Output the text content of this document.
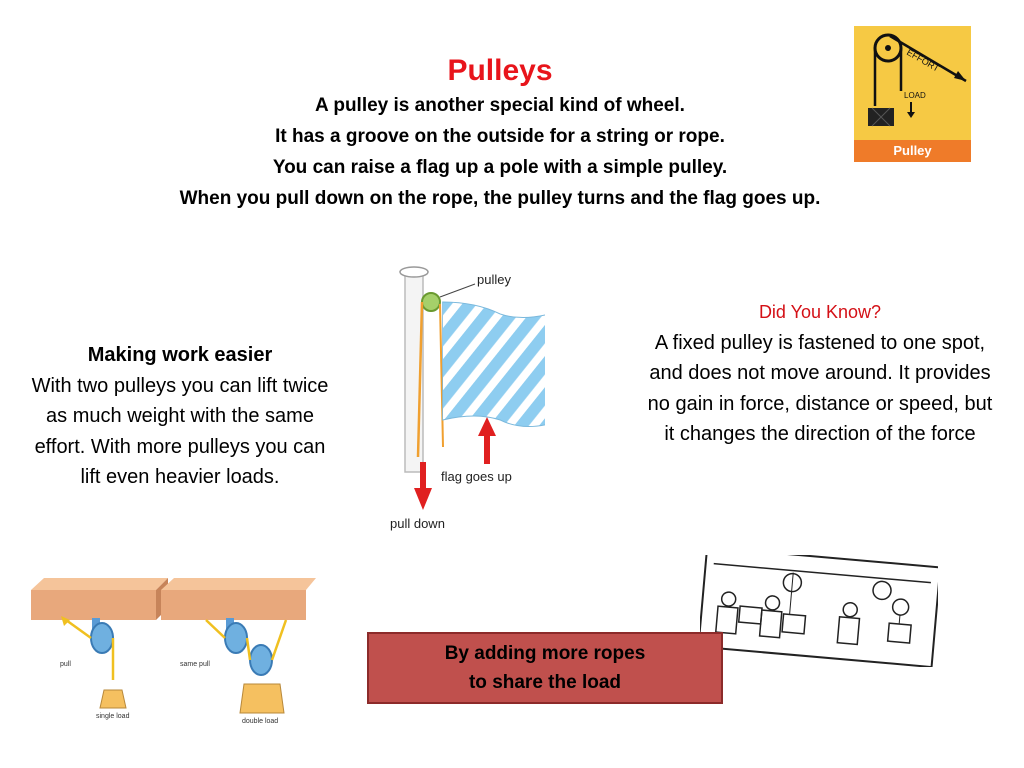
Pulleys
A pulley is another special kind of wheel.
It has a groove on the outside for a string or rope.
You can raise a flag up a pole with a simple pulley.
When you pull down on the rope, the pulley turns and the flag goes up.
EFFORT
LOAD
Pulley
Making work easier
With two pulleys you can lift twice as much weight with the same effort. With more pulleys you can lift even heavier loads.
pulley
pull down
flag goes up
Did You Know?
A fixed pulley is fastened to one spot, and does not move around. It provides no gain in force, distance or speed, but it changes the direction of the force
pull
single load
same pull
double load
By adding more ropes
to share the load
